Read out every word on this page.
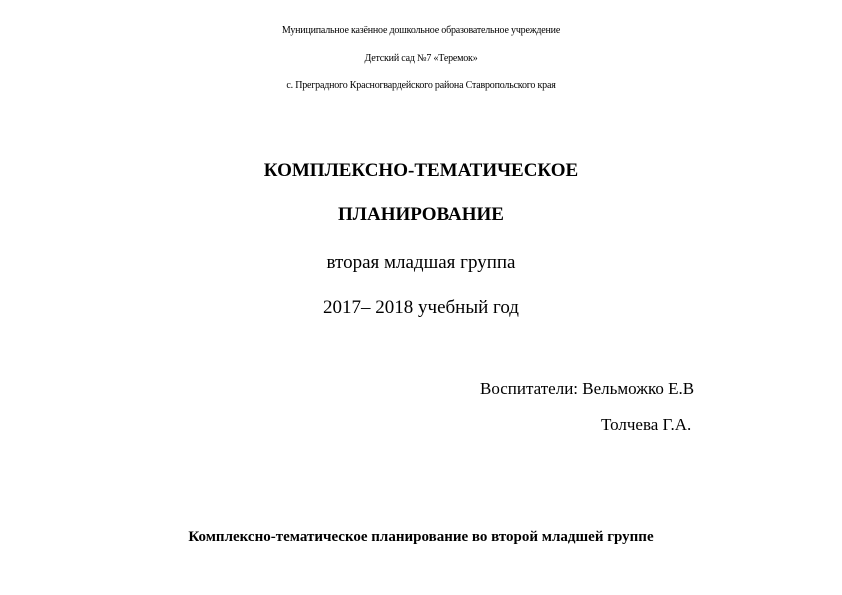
Муниципальное казённое дошкольное образовательное учреждение
Детский сад №7 «Теремок»
с. Преградного Красногвардейского района Ставропольского края
КОМПЛЕКСНО-ТЕМАТИЧЕСКОЕ
ПЛАНИРОВАНИЕ
вторая младшая группа
2017– 2018 учебный год
Воспитатели: Вельможко Е.В
Толчева Г.А.
Комплексно-тематическое планирование во второй младшей группе
